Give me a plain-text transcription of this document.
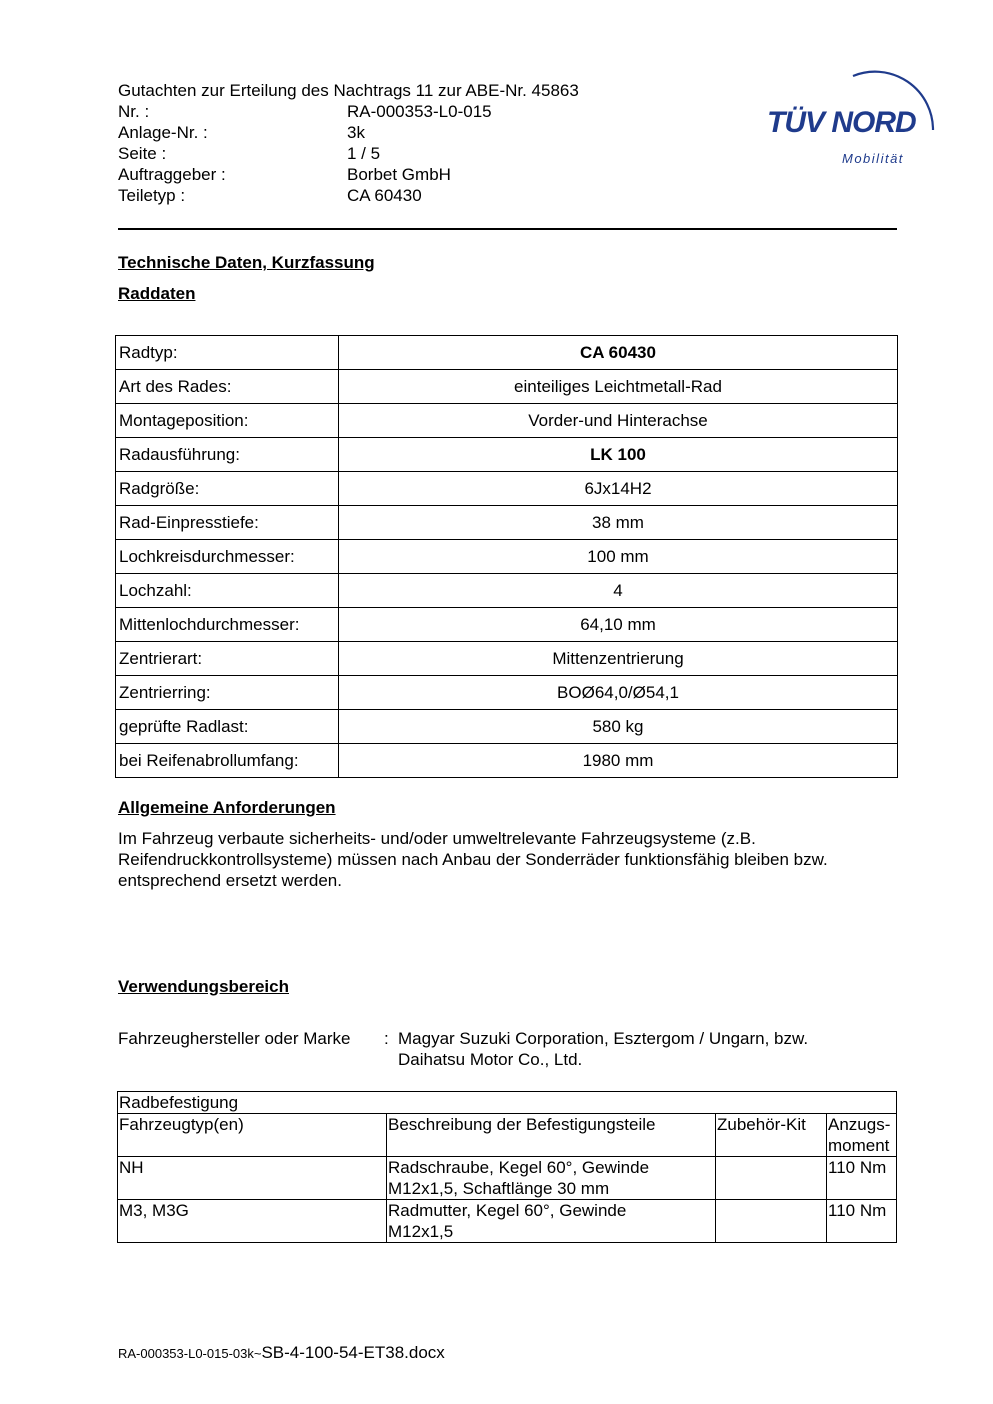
Gutachten zur Erteilung des Nachtrags 11 zur ABE-Nr. 45863
Nr. :	RA-000353-L0-015
Anlage-Nr. :	3k
Seite :	1 / 5
Auftraggeber :	Borbet GmbH
Teiletyp :	CA 60430
TÜV NORD
Mobilität
Technische Daten, Kurzfassung
Raddaten
Radtyp:	CA 60430
Art des Rades:	einteiliges Leichtmetall-Rad
Montageposition:	Vorder-und Hinterachse
Radausführung:	LK 100
Radgröße:	6Jx14H2
Rad-Einpresstiefe:	38 mm
Lochkreisdurchmesser:	100 mm
Lochzahl:	4
Mittenlochdurchmesser:	64,10 mm
Zentrierart:	Mittenzentrierung
Zentrierring:	BOØ64,0/Ø54,1
geprüfte Radlast:	580 kg
bei Reifenabrollumfang:	1980 mm
Allgemeine Anforderungen
Im Fahrzeug verbaute sicherheits- und/oder umweltrelevante Fahrzeugsysteme (z.B.
Reifendruckkontrollsysteme) müssen nach Anbau der Sonderräder funktionsfähig bleiben bzw.
entsprechend ersetzt werden.
Verwendungsbereich
Fahrzeughersteller oder Marke	: Magyar Suzuki Corporation, Esztergom / Ungarn, bzw.
Daihatsu Motor Co., Ltd.
Radbefestigung			
Fahrzeugtyp(en)	Beschreibung der Befestigungsteile	Zubehör-Kit	Anzugs-
moment

NH	Radschraube, Kegel 60°, Gewinde
M12x1,5, Schaftlänge 30 mm		110 Nm
M3, M3G	Radmutter, Kegel 60°, Gewinde
M12x1,5		110 Nm
RA-000353-L0-015-03k~SB-4-100-54-ET38.docx
